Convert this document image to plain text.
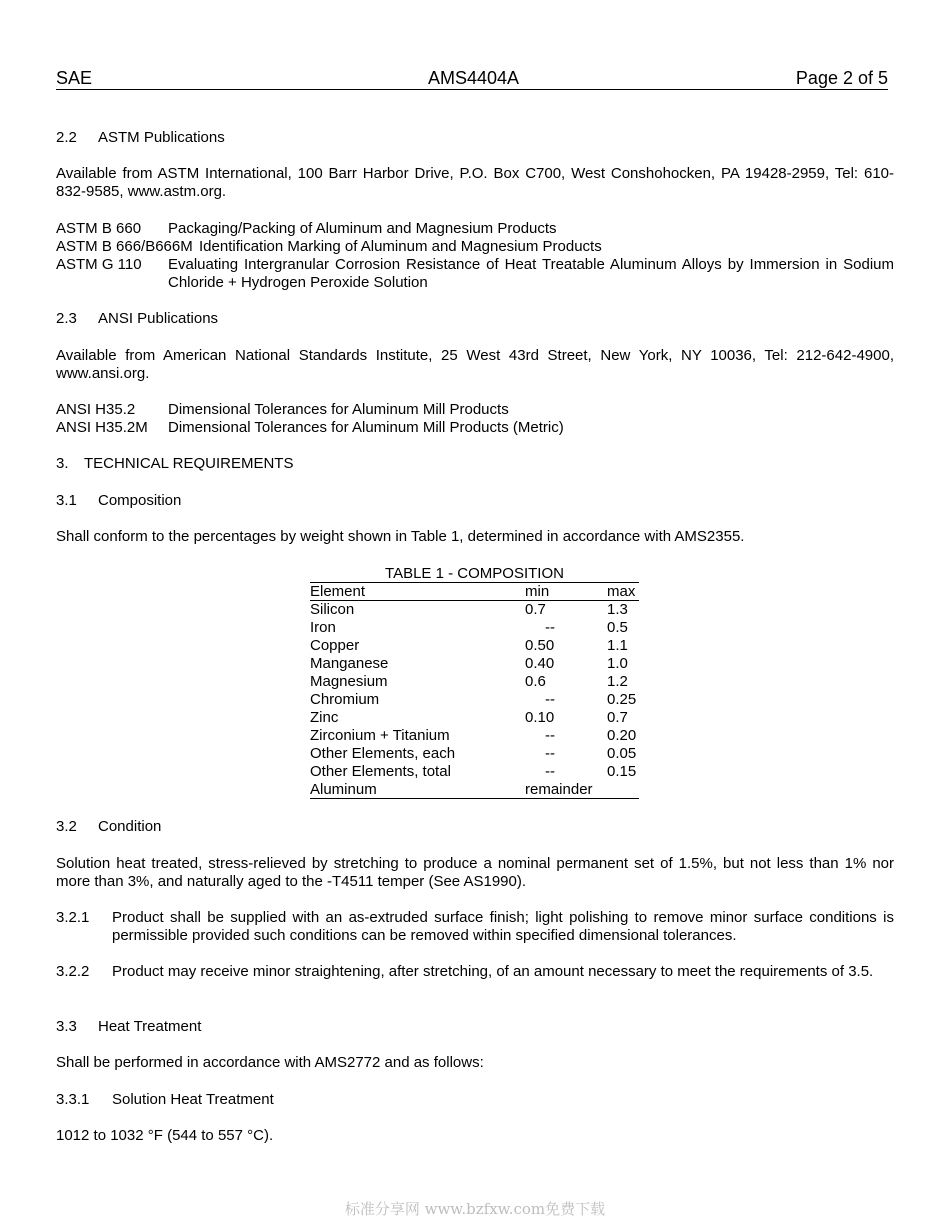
SAE	AMS4404A	Page 2 of 5
2.2 ASTM Publications
Available from ASTM International, 100 Barr Harbor Drive, P.O. Box C700, West Conshohocken, PA 19428-2959, Tel: 610-832-9585, www.astm.org.
ASTM B 660 Packaging/Packing of Aluminum and Magnesium Products
ASTM B 666/B666M Identification Marking of Aluminum and Magnesium Products
ASTM G 110 Evaluating Intergranular Corrosion Resistance of Heat Treatable Aluminum Alloys by Immersion in Sodium Chloride + Hydrogen Peroxide Solution
2.3 ANSI Publications
Available from American National Standards Institute, 25 West 43rd Street, New York, NY 10036, Tel: 212-642-4900, www.ansi.org.
ANSI H35.2 Dimensional Tolerances for Aluminum Mill Products
ANSI H35.2M Dimensional Tolerances for Aluminum Mill Products (Metric)
3. TECHNICAL REQUIREMENTS
3.1 Composition
Shall conform to the percentages by weight shown in Table 1, determined in accordance with AMS2355.
TABLE 1 - COMPOSITION
Element	min	max
Silicon	0.7	1.3
Iron	--	0.5
Copper	0.50	1.1
Manganese	0.40	1.0
Magnesium	0.6	1.2
Chromium	--	0.25
Zinc	0.10	0.7
Zirconium + Titanium	--	0.20
Other Elements, each	--	0.05
Other Elements, total	--	0.15
Aluminum	remainder
3.2 Condition
Solution heat treated, stress-relieved by stretching to produce a nominal permanent set of 1.5%, but not less than 1% nor more than 3%, and naturally aged to the -T4511 temper (See AS1990).
3.2.1 Product shall be supplied with an as-extruded surface finish; light polishing to remove minor surface conditions is permissible provided such conditions can be removed within specified dimensional tolerances.
3.2.2 Product may receive minor straightening, after stretching, of an amount necessary to meet the requirements of 3.5.
3.3 Heat Treatment
Shall be performed in accordance with AMS2772 and as follows:
3.3.1 Solution Heat Treatment
1012 to 1032 °F (544 to 557 °C).
标准分享网 www.bzfxw.com免费下载
